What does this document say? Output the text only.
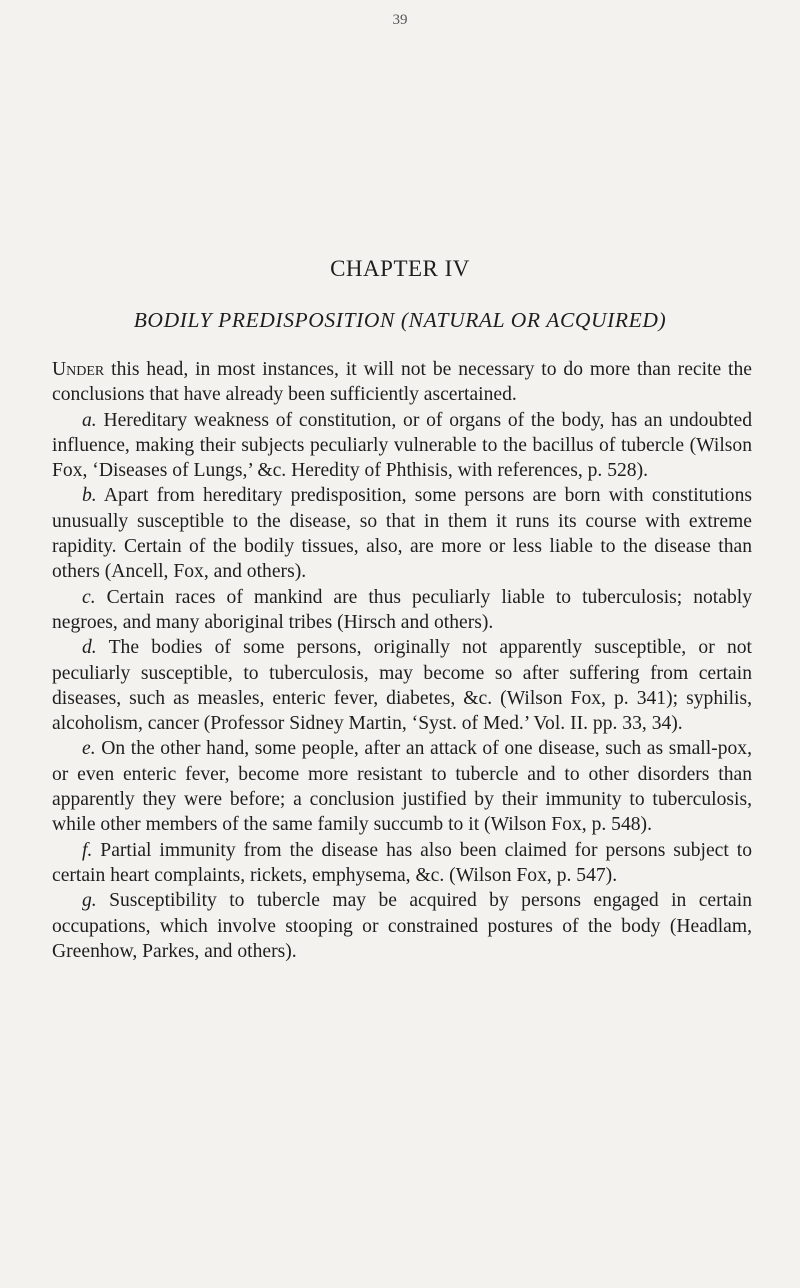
39
CHAPTER IV
BODILY PREDISPOSITION (NATURAL OR ACQUIRED)

Under this head, in most instances, it will not be necessary to do more than recite the conclusions that have already been sufficiently ascertained.

a. Hereditary weakness of constitution, or of organs of the body, has an undoubted influence, making their subjects peculiarly vulnerable to the bacillus of tubercle (Wilson Fox, ‘Diseases of Lungs,’ &c. Heredity of Phthisis, with references, p. 528).

b. Apart from hereditary predisposition, some persons are born with constitutions unusually susceptible to the disease, so that in them it runs its course with extreme rapidity. Certain of the bodily tissues, also, are more or less liable to the disease than others (Ancell, Fox, and others).

c. Certain races of mankind are thus peculiarly liable to tuberculosis; notably negroes, and many aboriginal tribes (Hirsch and others).

d. The bodies of some persons, originally not apparently susceptible, or not peculiarly susceptible, to tuberculosis, may become so after suffering from certain diseases, such as measles, enteric fever, diabetes, &c. (Wilson Fox, p. 341); syphilis, alcoholism, cancer (Professor Sidney Martin, ‘Syst. of Med.’ Vol. II. pp. 33, 34).

e. On the other hand, some people, after an attack of one disease, such as small-pox, or even enteric fever, become more resistant to tubercle and to other disorders than apparently they were before; a conclusion justified by their immunity to tuberculosis, while other members of the same family succumb to it (Wilson Fox, p. 548).

f. Partial immunity from the disease has also been claimed for persons subject to certain heart complaints, rickets, emphysema, &c. (Wilson Fox, p. 547).

g. Susceptibility to tubercle may be acquired by persons engaged in certain occupations, which involve stooping or constrained postures of the body (Headlam, Greenhow, Parkes, and others).
